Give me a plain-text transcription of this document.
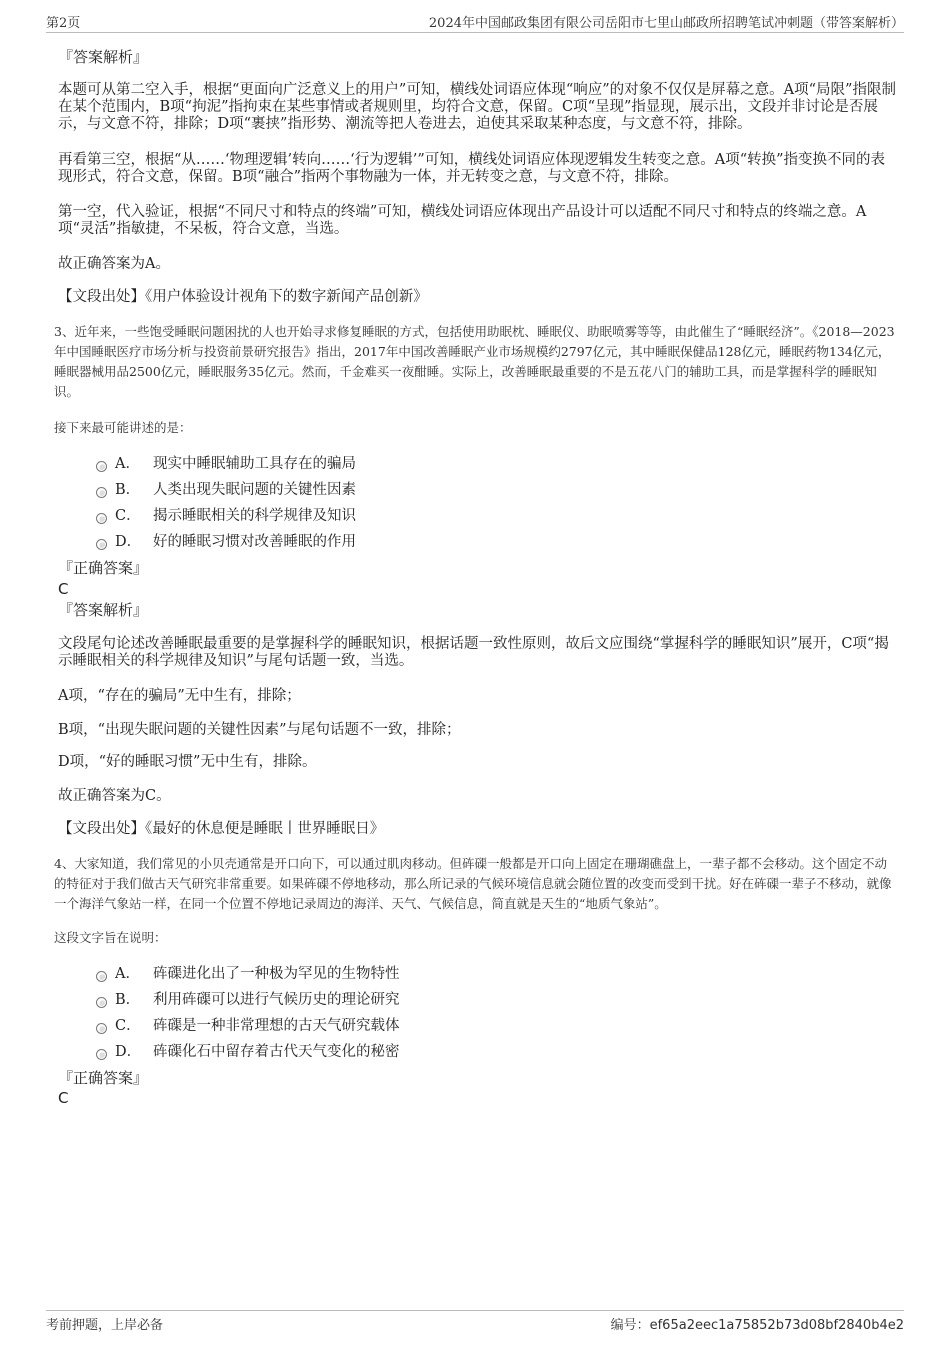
第2页	2024年中国邮政集团有限公司岳阳市七里山邮政所招聘笔试冲刺题（带答案解析）
『答案解析』
本题可从第二空入手，根据“更面向广泛意义上的用户”可知，横线处词语应体现“响应”的对象不仅仅是屏幕之意。A项“局限”指限制在某个范围内，B项“拘泥”指拘束在某些事情或者规则里，均符合文意，保留。C项“呈现”指显现，展示出，文段并非讨论是否展示，与文意不符，排除；D项“裹挟”指形势、潮流等把人卷进去，迫使其采取某种态度，与文意不符，排除。
再看第三空，根据“从……‘物理逻辑’转向……‘行为逻辑’”可知，横线处词语应体现逻辑发生转变之意。A项“转换”指变换不同的表现形式，符合文意，保留。B项“融合”指两个事物融为一体，并无转变之意，与文意不符，排除。
第一空，代入验证，根据“不同尺寸和特点的终端”可知，横线处词语应体现出产品设计可以适配不同尺寸和特点的终端之意。A项“灵活”指敏捷，不呆板，符合文意，当选。
故正确答案为A。
【文段出处】《用户体验设计视角下的数字新闻产品创新》
3、近年来，一些饱受睡眠问题困扰的人也开始寻求修复睡眠的方式，包括使用助眠枕、睡眠仪、助眠喷雾等等，由此催生了“睡眠经济”。《2018—2023年中国睡眠医疗市场分析与投资前景研究报告》指出，2017年中国改善睡眠产业市场规模约2797亿元，其中睡眠保健品128亿元，睡眠药物134亿元，睡眠器械用品2500亿元，睡眠服务35亿元。然而，千金难买一夜酣睡。实际上，改善睡眠最重要的不是五花八门的辅助工具，而是掌握科学的睡眠知识。
接下来最可能讲述的是：
A． 现实中睡眠辅助工具存在的骗局
B． 人类出现失眠问题的关键性因素
C． 揭示睡眠相关的科学规律及知识
D． 好的睡眠习惯对改善睡眠的作用
『正确答案』
C
『答案解析』
文段尾句论述改善睡眠最重要的是掌握科学的睡眠知识，根据话题一致性原则，故后文应围绕“掌握科学的睡眠知识”展开，C项“揭示睡眠相关的科学规律及知识”与尾句话题一致，当选。
A项，“存在的骗局”无中生有，排除；
B项，“出现失眠问题的关键性因素”与尾句话题不一致，排除；
D项，“好的睡眠习惯”无中生有，排除。
故正确答案为C。
【文段出处】《最好的休息便是睡眠丨世界睡眠日》
4、大家知道，我们常见的小贝壳通常是开口向下，可以通过肌肉移动。但砗磲一般都是开口向上固定在珊瑚礁盘上，一辈子都不会移动。这个固定不动的特征对于我们做古天气研究非常重要。如果砗磲不停地移动，那么所记录的气候环境信息就会随位置的改变而受到干扰。好在砗磲一辈子不移动，就像一个海洋气象站一样，在同一个位置不停地记录周边的海洋、天气、气候信息，简直就是天生的“地质气象站”。
这段文字旨在说明：
A． 砗磲进化出了一种极为罕见的生物特性
B． 利用砗磲可以进行气候历史的理论研究
C． 砗磲是一种非常理想的古天气研究载体
D． 砗磲化石中留存着古代天气变化的秘密
『正确答案』
C
考前押题，上岸必备	编号：ef65a2eec1a75852b73d08bf2840b4e2
